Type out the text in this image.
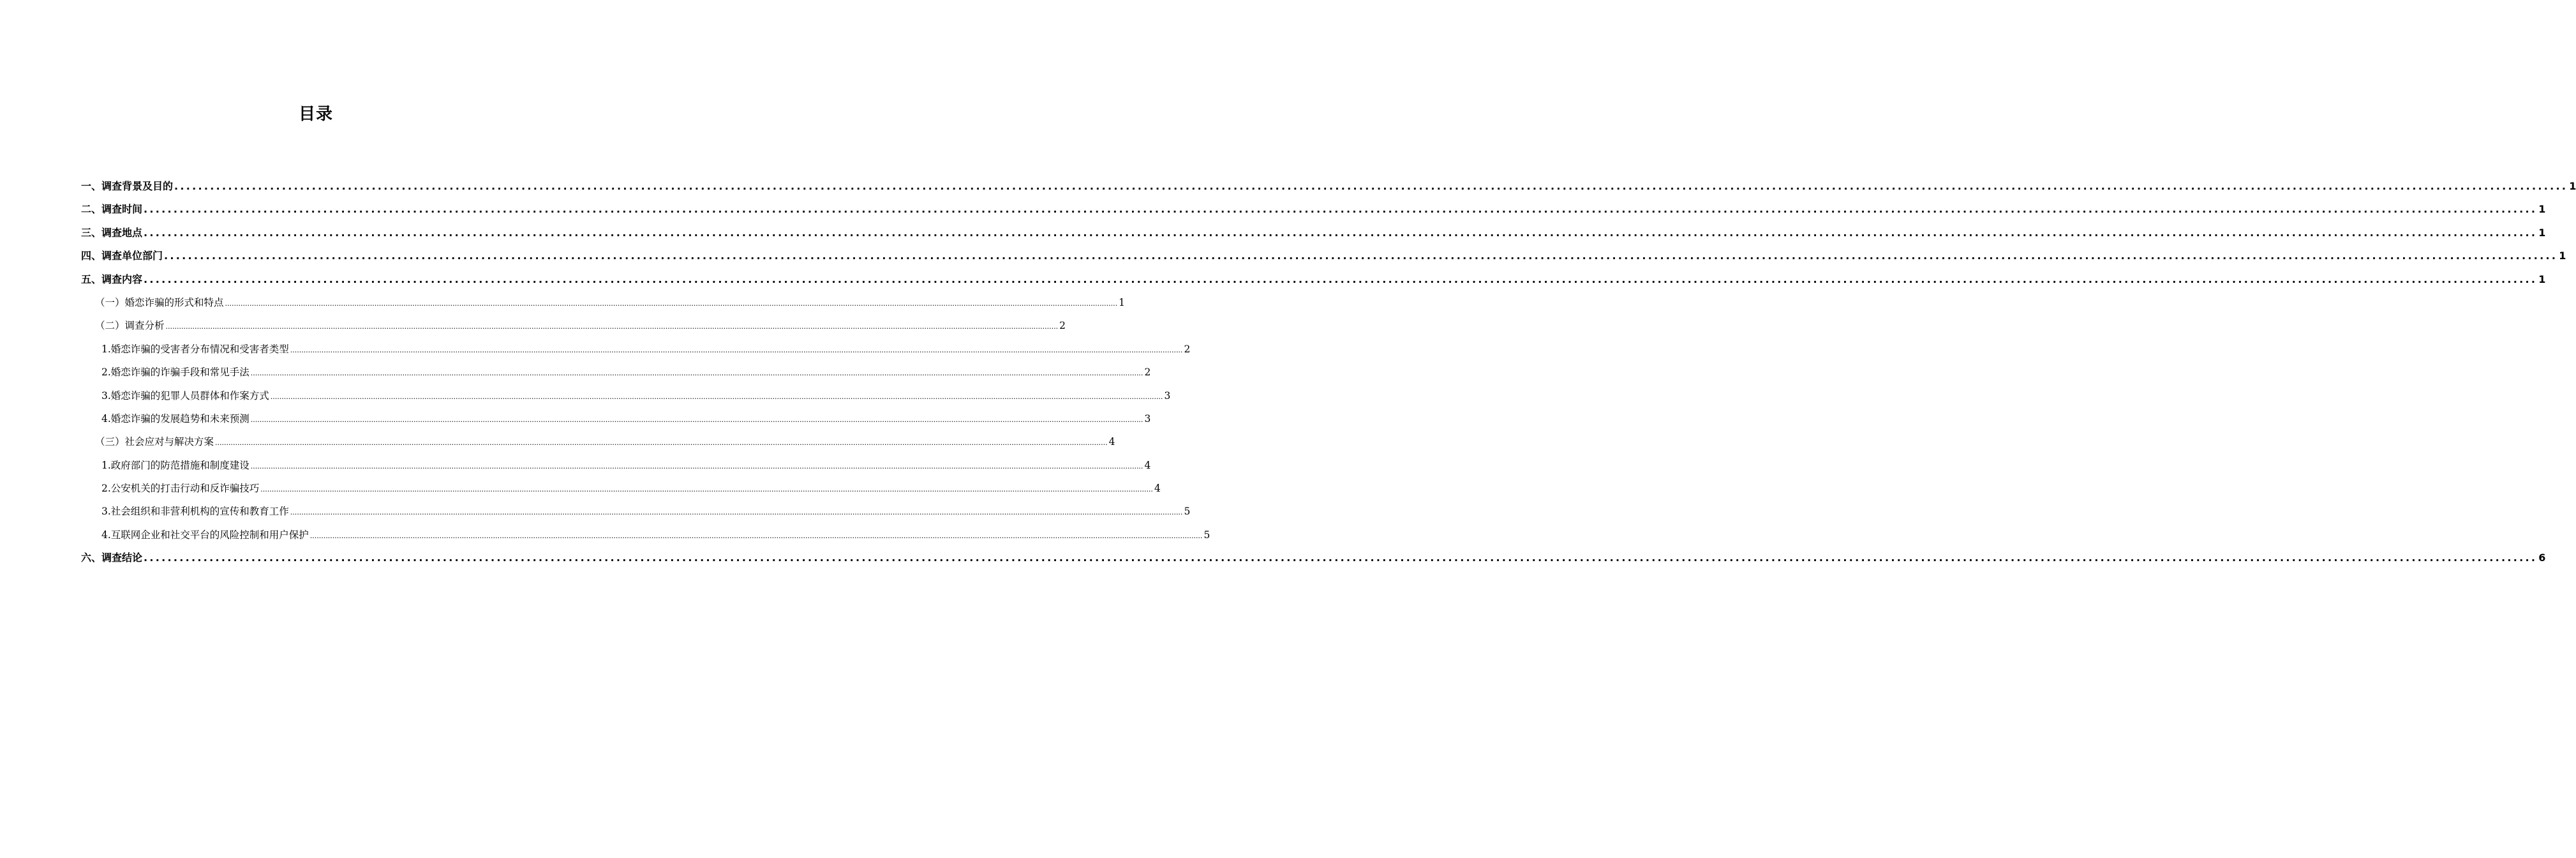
目录
一、调查背景及目的 ................................................................................................................................................................................................................................................................................................................................................................................................................ 1
二、调查时间 ................................................................................................................................................................................................................................................................................................................................................................................................................ 1
三、调查地点 ................................................................................................................................................................................................................................................................................................................................................................................................................ 1
四、调查单位部门 ................................................................................................................................................................................................................................................................................................................................................................................................................ 1
五、调查内容 ................................................................................................................................................................................................................................................................................................................................................................................................................ 1
（一）婚恋诈骗的形式和特点 ................................................................................................................................................................................................................................................................................................................................................................................................................ 1
（二）调查分析 ................................................................................................................................................................................................................................................................................................................................................................................................................ 2
1.婚恋诈骗的受害者分布情况和受害者类型 ................................................................................................................................................................................................................................................................................................................................................................................................................ 2
2.婚恋诈骗的诈骗手段和常见手法 ................................................................................................................................................................................................................................................................................................................................................................................................................ 2
3.婚恋诈骗的犯罪人员群体和作案方式 ................................................................................................................................................................................................................................................................................................................................................................................................................ 3
4.婚恋诈骗的发展趋势和未来预测 ................................................................................................................................................................................................................................................................................................................................................................................................................ 3
（三）社会应对与解决方案 ................................................................................................................................................................................................................................................................................................................................................................................................................ 4
1.政府部门的防范措施和制度建设 ................................................................................................................................................................................................................................................................................................................................................................................................................ 4
2.公安机关的打击行动和反诈骗技巧 ................................................................................................................................................................................................................................................................................................................................................................................................................ 4
3.社会组织和非营利机构的宣传和教育工作 ................................................................................................................................................................................................................................................................................................................................................................................................................ 5
4.互联网企业和社交平台的风险控制和用户保护 ................................................................................................................................................................................................................................................................................................................................................................................................................ 5
六、调查结论 ................................................................................................................................................................................................................................................................................................................................................................................................................ 6
